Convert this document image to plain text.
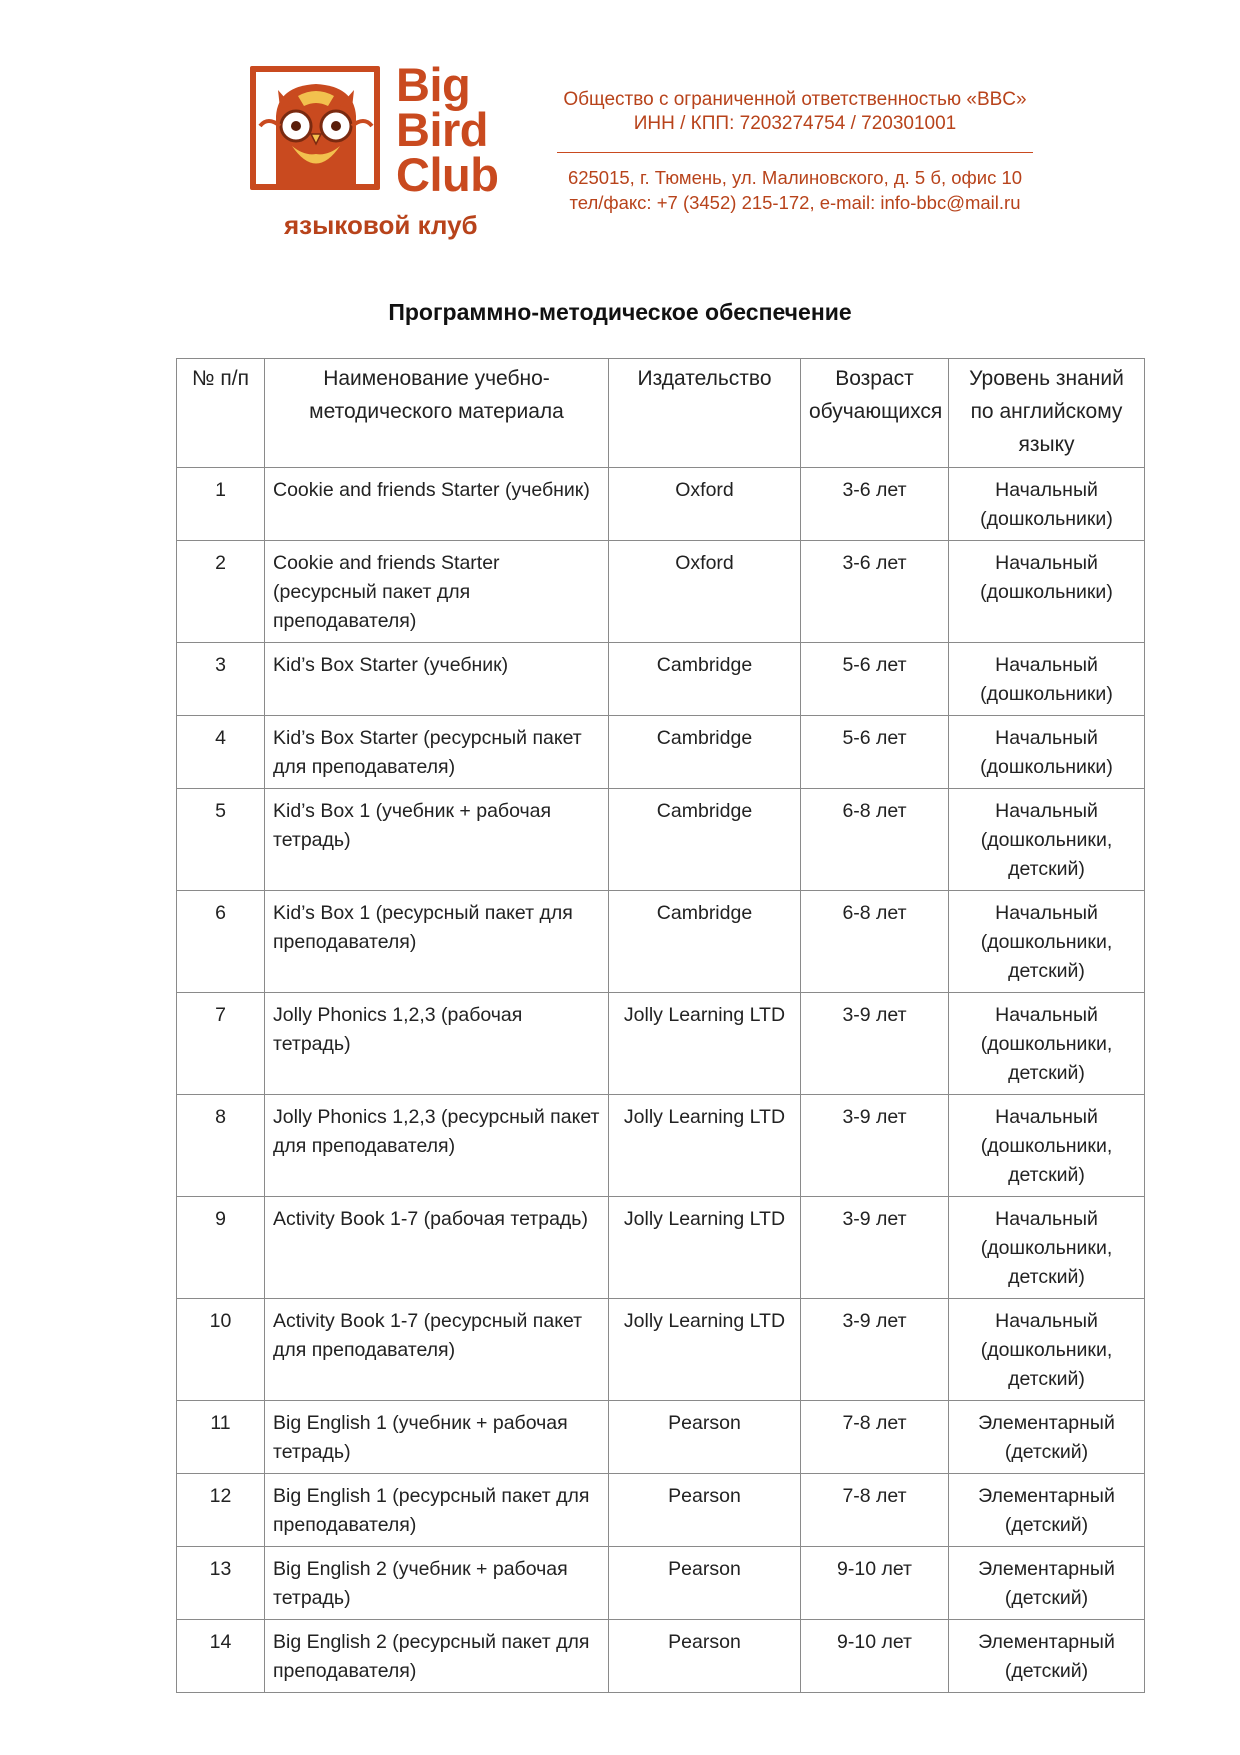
Big
Bird
Club
языковой клуб
Общество с ограниченной ответственностью «BBC»
ИНН / КПП: 7203274754 / 720301001
625015, г. Тюмень, ул. Малиновского, д. 5 б, офис 10
тел/факс: +7 (3452) 215-172, e-mail: info-bbc@mail.ru
Программно-методическое обеспечение
№ п/п	Наименование учебно-методического материала	Издательство	Возраст обучающихся	Уровень знаний по английскому языку
1	Cookie and friends Starter (учебник)	Oxford	3-6 лет	Начальный (дошкольники)
2	Cookie and friends Starter (ресурсный пакет для преподавателя)	Oxford	3-6 лет	Начальный (дошкольники)
3	Kid’s Box Starter (учебник)	Cambridge	5-6 лет	Начальный (дошкольники)
4	Kid’s Box Starter (ресурсный пакет для преподавателя)	Cambridge	5-6 лет	Начальный (дошкольники)
5	Kid’s Box 1 (учебник + рабочая тетрадь)	Cambridge	6-8 лет	Начальный (дошкольники, детский)
6	Kid’s Box 1 (ресурсный пакет для преподавателя)	Cambridge	6-8 лет	Начальный (дошкольники, детский)
7	Jolly Phonics 1,2,3 (рабочая тетрадь)	Jolly Learning LTD	3-9 лет	Начальный (дошкольники, детский)
8	Jolly Phonics 1,2,3 (ресурсный пакет для преподавателя)	Jolly Learning LTD	3-9 лет	Начальный (дошкольники, детский)
9	Activity Book 1-7 (рабочая тетрадь)	Jolly Learning LTD	3-9 лет	Начальный (дошкольники, детский)
10	Activity Book 1-7 (ресурсный пакет для преподавателя)	Jolly Learning LTD	3-9 лет	Начальный (дошкольники, детский)
11	Big English 1 (учебник + рабочая тетрадь)	Pearson	7-8 лет	Элементарный (детский)
12	Big English 1 (ресурсный пакет для преподавателя)	Pearson	7-8 лет	Элементарный (детский)
13	Big English 2 (учебник + рабочая тетрадь)	Pearson	9-10 лет	Элементарный (детский)
14	Big English 2 (ресурсный пакет для преподавателя)	Pearson	9-10 лет	Элементарный (детский)
